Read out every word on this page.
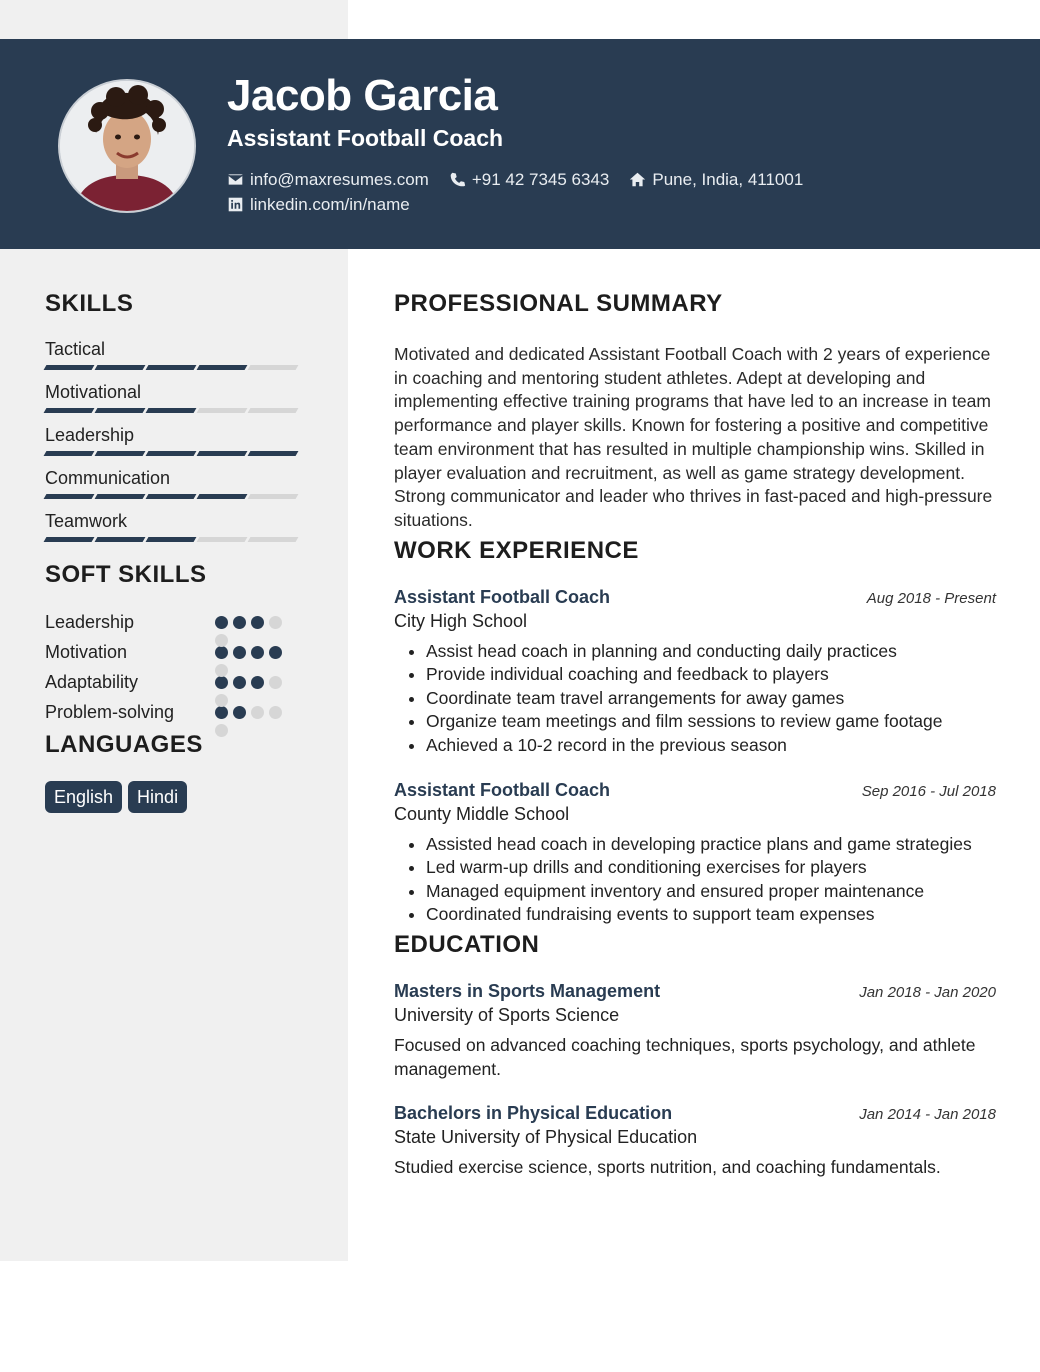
Jacob Garcia
Assistant Football Coach
info@maxresumes.com	+91 42 7345 6343	Pune, India, 411001
linkedin.com/in/name
SKILLS
Tactical
Motivational
Leadership
Communication
Teamwork
SOFT SKILLS
Leadership
Motivation
Adaptability
Problem-solving
LANGUAGES
English	Hindi
PROFESSIONAL SUMMARY

Motivated and dedicated Assistant Football Coach with 2 years of experience in coaching and mentoring student athletes. Adept at developing and implementing effective training programs that have led to an increase in team performance and player skills. Known for fostering a positive and competitive team environment that has resulted in multiple championship wins. Skilled in player evaluation and recruitment, as well as game strategy development. Strong communicator and leader who thrives in fast-paced and high-pressure situations.

WORK EXPERIENCE
Assistant Football Coach	Aug 2018 - Present
City High School
• Assist head coach in planning and conducting daily practices
• Provide individual coaching and feedback to players
• Coordinate team travel arrangements for away games
• Organize team meetings and film sessions to review game footage
• Achieved a 10-2 record in the previous season
Assistant Football Coach	Sep 2016 - Jul 2018
County Middle School
• Assisted head coach in developing practice plans and game strategies
• Led warm-up drills and conditioning exercises for players
• Managed equipment inventory and ensured proper maintenance
• Coordinated fundraising events to support team expenses
EDUCATION
Masters in Sports Management	Jan 2018 - Jan 2020
University of Sports Science
Focused on advanced coaching techniques, sports psychology, and athlete management.
Bachelors in Physical Education	Jan 2014 - Jan 2018
State University of Physical Education
Studied exercise science, sports nutrition, and coaching fundamentals.
